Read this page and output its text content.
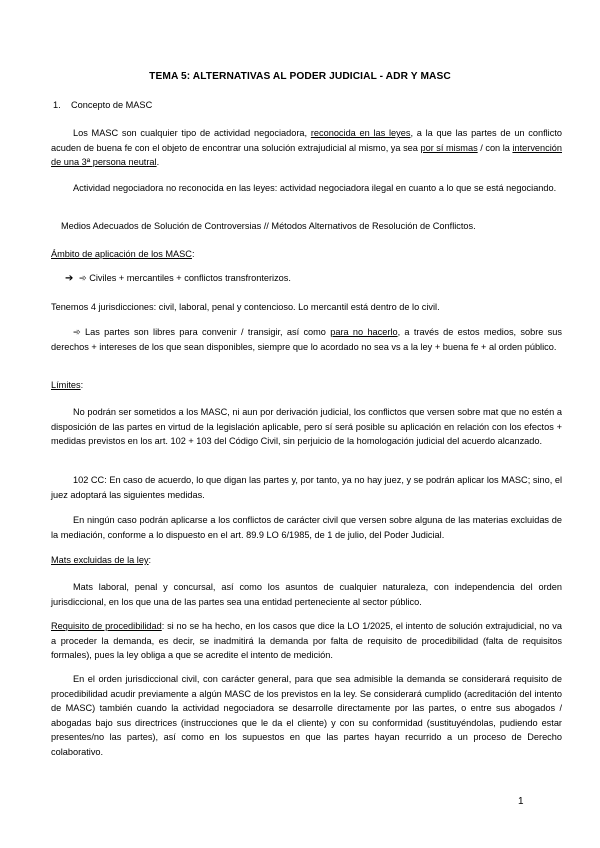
TEMA 5: ALTERNATIVAS AL PODER JUDICIAL - ADR Y MASC
1. Concepto de MASC
Los MASC son cualquier tipo de actividad negociadora, reconocida en las leyes, a la que las partes de un conflicto acuden de buena fe con el objeto de encontrar una solución extrajudicial al mismo, ya sea por sí mismas / con la intervención de una 3ª persona neutral.
Actividad negociadora no reconocida en las leyes: actividad negociadora ilegal en cuanto a lo que se está negociando.
Medios Adecuados de Solución de Controversias // Métodos Alternativos de Resolución de Conflictos.
Ámbito de aplicación de los MASC:
➔ ➾ Civiles + mercantiles + conflictos transfronterizos.
Tenemos 4 jurisdicciones: civil, laboral, penal y contencioso. Lo mercantil está dentro de lo civil.
➾ Las partes son libres para convenir / transigir, así como para no hacerlo, a través de estos medios, sobre sus derechos + intereses de los que sean disponibles, siempre que lo acordado no sea vs a la ley + buena fe + al orden público.
Límites:
No podrán ser sometidos a los MASC, ni aun por derivación judicial, los conflictos que versen sobre mat que no estén a disposición de las partes en virtud de la legislación aplicable, pero sí será posible su aplicación en relación con los efectos + medidas previstos en los art. 102 + 103 del Código Civil, sin perjuicio de la homologación judicial del acuerdo alcanzado.
102 CC: En caso de acuerdo, lo que digan las partes y, por tanto, ya no hay juez, y se podrán aplicar los MASC; sino, el juez adoptará las siguientes medidas.
En ningún caso podrán aplicarse a los conflictos de carácter civil que versen sobre alguna de las materias excluidas de la mediación, conforme a lo dispuesto en el art. 89.9 LO 6/1985, de 1 de julio, del Poder Judicial.
Mats excluidas de la ley:
Mats laboral, penal y concursal, así como los asuntos de cualquier naturaleza, con independencia del orden jurisdiccional, en los que una de las partes sea una entidad perteneciente al sector público.
Requisito de procedibilidad: si no se ha hecho, en los casos que dice la LO 1/2025, el intento de solución extrajudicial, no va a proceder la demanda, es decir, se inadmitirá la demanda por falta de requisito de procedibilidad (falta de requisitos formales), pues la ley obliga a que se acredite el intento de medición.
En el orden jurisdiccional civil, con carácter general, para que sea admisible la demanda se considerará requisito de procedibilidad acudir previamente a algún MASC de los previstos en la ley. Se considerará cumplido (acreditación del intento de MASC) también cuando la actividad negociadora se desarrolle directamente por las partes, o entre sus abogados / abogadas bajo sus directrices (instrucciones que le da el cliente) y con su conformidad (sustituyéndolas, pudiendo estar presentes/no las partes), así como en los supuestos en que las partes hayan recurrido a un proceso de Derecho colaborativo.
1
